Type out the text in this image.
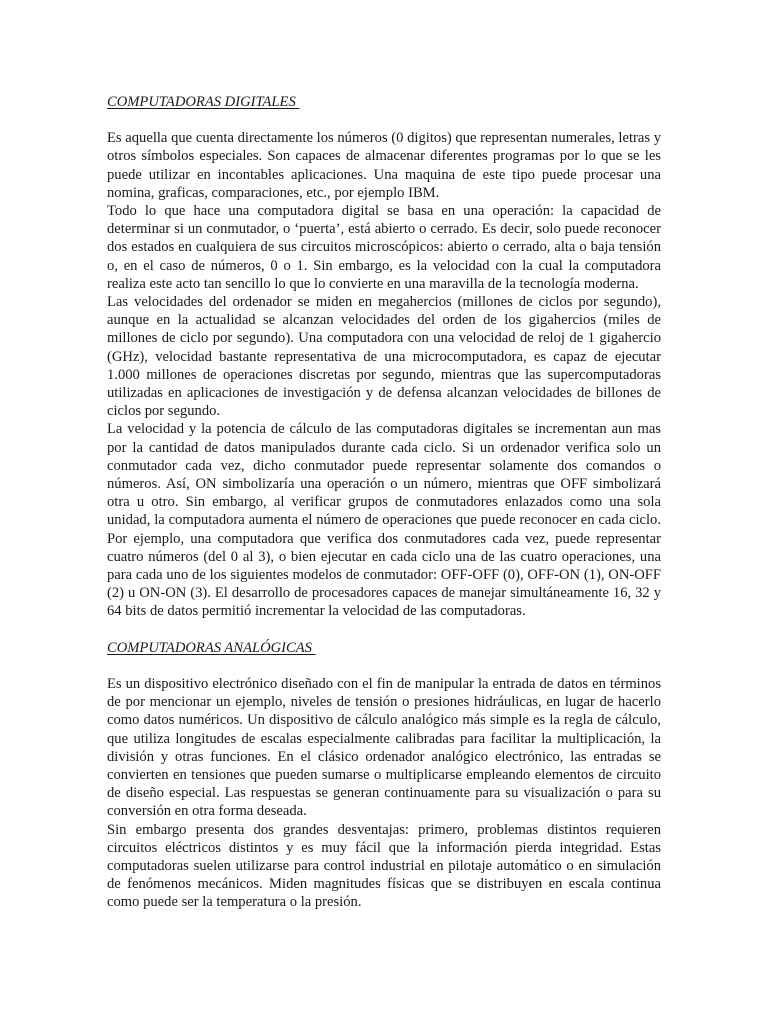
COMPUTADORAS DIGITALES

Es aquella que cuenta directamente los números (0 digitos) que representan numerales, letras y otros símbolos especiales. Son capaces de almacenar diferentes programas por lo que se les puede utilizar en incontables aplicaciones. Una maquina de este tipo puede procesar una nomina, graficas, comparaciones, etc., por ejemplo IBM.

Todo lo que hace una computadora digital se basa en una operación: la capacidad de determinar si un conmutador, o ‘puerta’, está abierto o cerrado. Es decir, solo puede reconocer dos estados en cualquiera de sus circuitos microscópicos: abierto o cerrado, alta o baja tensión o, en el caso de números, 0 o 1. Sin embargo, es la velocidad con la cual la computadora realiza este acto tan sencillo lo que lo convierte en una maravilla de la tecnología moderna.

Las velocidades del ordenador se miden en megahercios (millones de ciclos por segundo), aunque en la actualidad se alcanzan velocidades del orden de los gigahercios (miles de millones de ciclo por segundo). Una computadora con una velocidad de reloj de 1 gigahercio (GHz), velocidad bastante representativa de una microcomputadora, es capaz de ejecutar 1.000 millones de operaciones discretas por segundo, mientras que las supercomputadoras utilizadas en aplicaciones de investigación y de defensa alcanzan velocidades de billones de ciclos por segundo.

La velocidad y la potencia de cálculo de las computadoras digitales se incrementan aun mas por la cantidad de datos manipulados durante cada ciclo. Si un ordenador verifica solo un conmutador cada vez, dicho conmutador puede representar solamente dos comandos o números. Así, ON simbolizaría una operación o un número, mientras que OFF simbolizará otra u otro. Sin embargo, al verificar grupos de conmutadores enlazados como una sola unidad, la computadora aumenta el número de operaciones que puede reconocer en cada ciclo. Por ejemplo, una computadora que verifica dos conmutadores cada vez, puede representar cuatro números (del 0 al 3), o bien ejecutar en cada ciclo una de las cuatro operaciones, una para cada uno de los siguientes modelos de conmutador: OFF-OFF (0), OFF-ON (1), ON-OFF (2) u ON-ON (3). El desarrollo de procesadores capaces de manejar simultáneamente 16, 32 y 64 bits de datos permitió incrementar la velocidad de las computadoras.

COMPUTADORAS ANALÓGICAS

Es un dispositivo electrónico diseñado con el fin de manipular la entrada de datos en términos de por mencionar un ejemplo, niveles de tensión o presiones hidráulicas, en lugar de hacerlo como datos numéricos. Un dispositivo de cálculo analógico más simple es la regla de cálculo, que utiliza longitudes de escalas especialmente calibradas para facilitar la multiplicación, la división y otras funciones. En el clásico ordenador analógico electrónico, las entradas se convierten en tensiones que pueden sumarse o multiplicarse empleando elementos de circuito de diseño especial. Las respuestas se generan continuamente para su visualización o para su conversión en otra forma deseada.

Sin embargo presenta dos grandes desventajas: primero, problemas distintos requieren circuitos eléctricos distintos y es muy fácil que la información pierda integridad. Estas computadoras suelen utilizarse para control industrial en pilotaje automático o en simulación de fenómenos mecánicos. Miden magnitudes físicas que se distribuyen en escala continua como puede ser la temperatura o la presión.
